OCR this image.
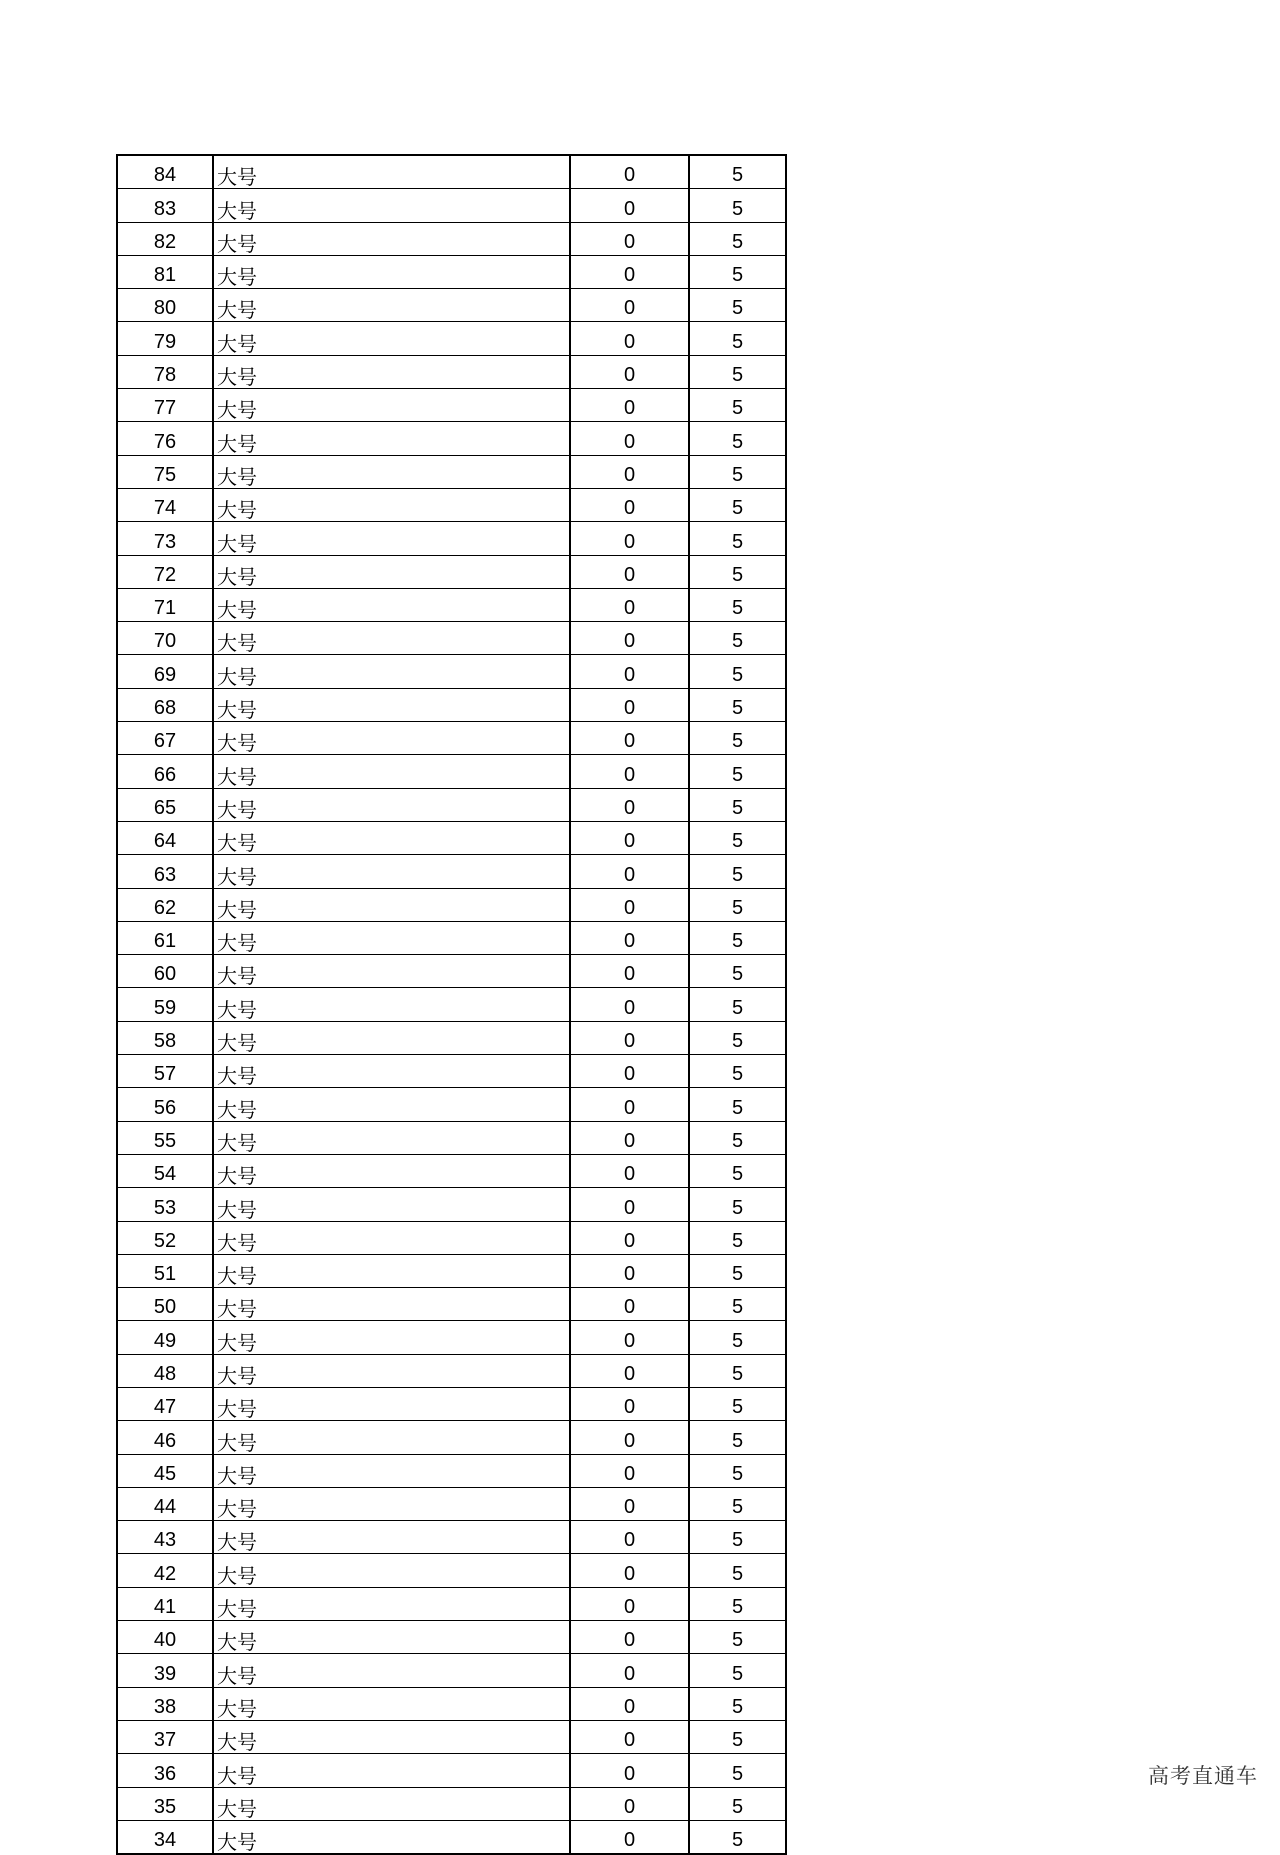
84	大号	0	5
83	大号	0	5
82	大号	0	5
81	大号	0	5
80	大号	0	5
79	大号	0	5
78	大号	0	5
77	大号	0	5
76	大号	0	5
75	大号	0	5
74	大号	0	5
73	大号	0	5
72	大号	0	5
71	大号	0	5
70	大号	0	5
69	大号	0	5
68	大号	0	5
67	大号	0	5
66	大号	0	5
65	大号	0	5
64	大号	0	5
63	大号	0	5
62	大号	0	5
61	大号	0	5
60	大号	0	5
59	大号	0	5
58	大号	0	5
57	大号	0	5
56	大号	0	5
55	大号	0	5
54	大号	0	5
53	大号	0	5
52	大号	0	5
51	大号	0	5
50	大号	0	5
49	大号	0	5
48	大号	0	5
47	大号	0	5
46	大号	0	5
45	大号	0	5
44	大号	0	5
43	大号	0	5
42	大号	0	5
41	大号	0	5
40	大号	0	5
39	大号	0	5
38	大号	0	5
37	大号	0	5
36	大号	0	5
35	大号	0	5
34	大号	0	5
高考直通车
